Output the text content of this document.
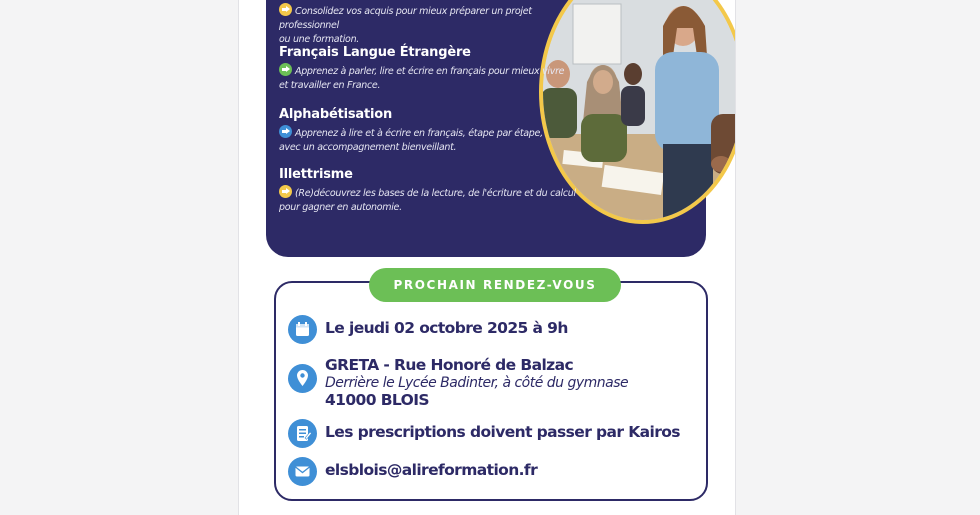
Consolidez vos acquis pour mieux préparer un projet professionnel
ou une formation.
Français Langue Étrangère
Apprenez à parler, lire et écrire en français pour mieux vivre
et travailler en France.
Alphabétisation
Apprenez à lire et à écrire en français, étape par étape,
avec un accompagnement bienveillant.
Illettrisme
(Re)découvrez les bases de la lecture, de l'écriture et du calcul
pour gagner en autonomie.
PROCHAIN RENDEZ-VOUS
Le jeudi 02 octobre 2025 à 9h
GRETA - Rue Honoré de Balzac
Derrière le Lycée Badinter, à côté du gymnase
41000 BLOIS
Les prescriptions doivent passer par Kairos
elsblois@alireformation.fr
